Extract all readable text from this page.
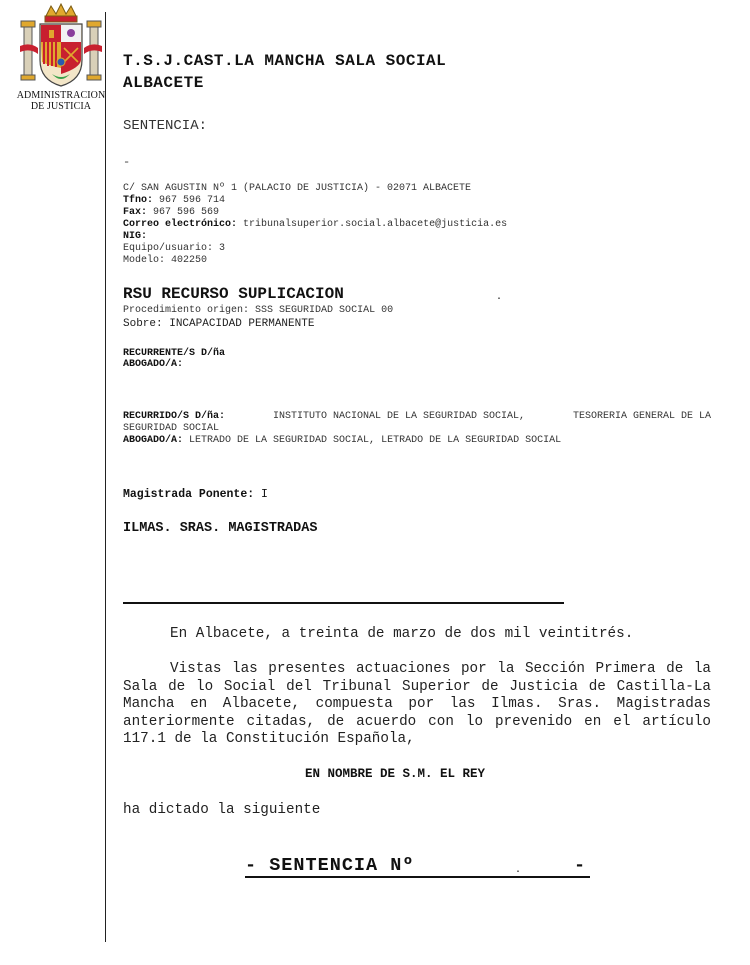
ADMINISTRACION
DE JUSTICIA
T.S.J.CAST.LA MANCHA SALA SOCIAL
ALBACETE
SENTENCIA:
-
C/ SAN AGUSTIN Nº 1 (PALACIO DE JUSTICIA) - 02071 ALBACETE
Tfno: 967 596 714
Fax: 967 596 569
Correo electrónico: tribunalsuperior.social.albacete@justicia.es
NIG:
Equipo/usuario: 3
Modelo: 402250
RSU RECURSO SUPLICACION	.
Procedimiento origen: SSS SEGURIDAD SOCIAL 00
Sobre: INCAPACIDAD PERMANENTE
RECURRENTE/S D/ña
ABOGADO/A:
RECURRIDO/S D/ña:	INSTITUTO NACIONAL DE LA SEGURIDAD SOCIAL,	TESORERIA GENERAL DE LA
SEGURIDAD SOCIAL
ABOGADO/A: LETRADO DE LA SEGURIDAD SOCIAL, LETRADO DE LA SEGURIDAD SOCIAL
Magistrada Ponente: I
ILMAS. SRAS. MAGISTRADAS
En Albacete, a treinta de marzo de dos mil veintitrés.
Vistas las presentes actuaciones por la Sección Primera de la Sala de lo Social del Tribunal Superior de Justicia de Castilla-La Mancha en Albacete, compuesta por las Ilmas. Sras. Magistradas anteriormente citadas, de acuerdo con lo prevenido en el artículo 117.1 de la Constitución Española,
EN NOMBRE DE S.M. EL REY
ha dictado la siguiente
- SENTENCIA Nº	.	-
